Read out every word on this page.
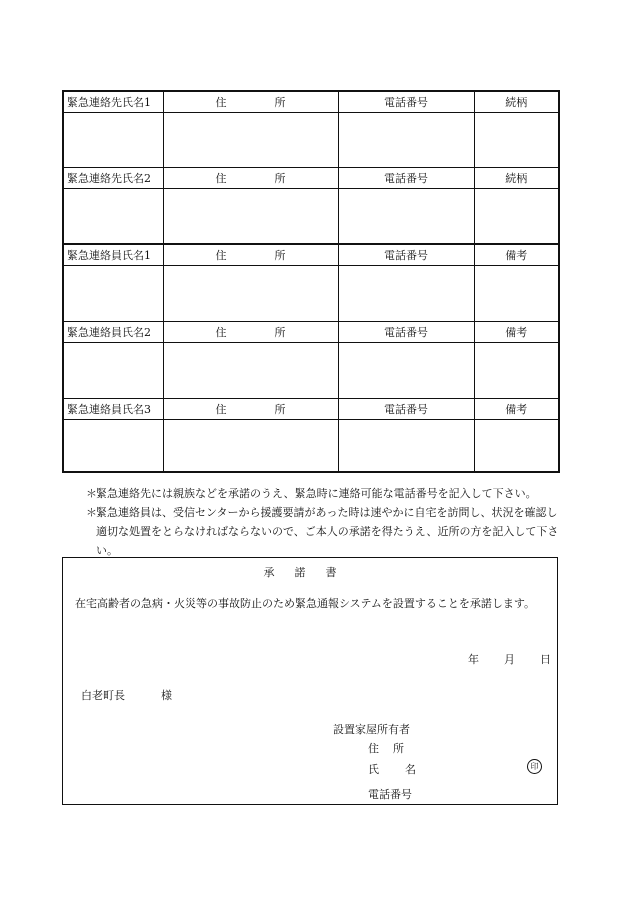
緊急連絡先氏名1	住 所	電話番号	続柄

緊急連絡先氏名2	住 所	電話番号	続柄

緊急連絡員氏名1	住 所	電話番号	備考

緊急連絡員氏名2	住 所	電話番号	備考

緊急連絡員氏名3	住 所	電話番号	備考

＊ 緊急連絡先には親族などを承諾のうえ、緊急時に連絡可能な電話番号を記入して下さい。
＊ 緊急連絡員は、受信センターから援護要請があった時は速やかに自宅を訪問し、状況を確認し適切な処置をとらなければならないので、ご本人の承諾を得たうえ、近所の方を記入して下さい。
承諾書
在宅高齢者の急病・火災等の事故防止のため緊急通報システムを設置することを承諾します。
年	月	日
白老町長	様
設置家屋所有者
住所
氏名	印
電話番号
